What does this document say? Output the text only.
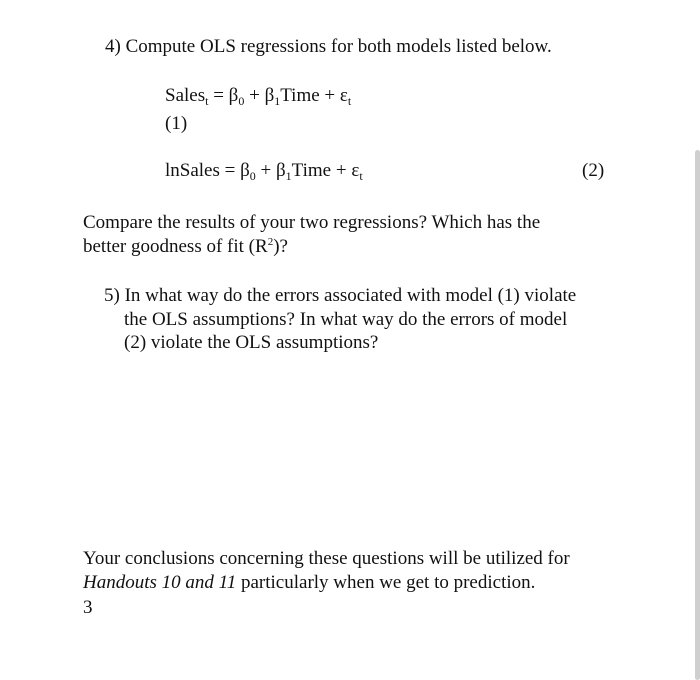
4) Compute OLS regressions for both models listed below.
Sales$_t$ = $\beta_0$ + $\beta_1Time + \varepsilon_t$
(1)
lnSales = $\beta_0$ + $\beta_1Time + \varepsilon_t$	(2)
Compare the results of your two regressions? Which has the
better goodness of fit $(R^2)$?
5) In what way do the errors associated with model (1) violate
the OLS assumptions? In what way do the errors of model
(2) violate the OLS assumptions?
Your conclusions concerning these questions will be utilized for
Handouts 10 and 11 particularly when we get to prediction.
3
